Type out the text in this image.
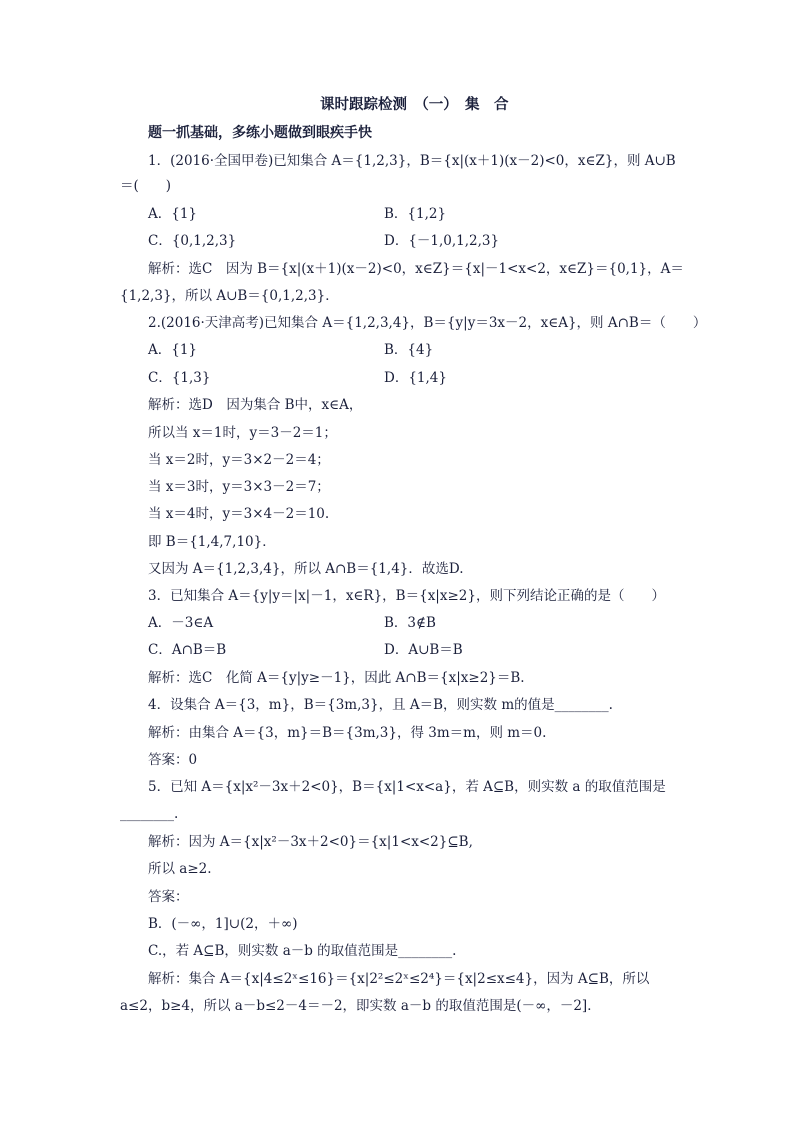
课时跟踪检测　（一）　集　合
题一抓基础，多练小题做到眼疾手快
1．(2016·全国甲卷)已知集合 A＝{1,2,3}，B＝{x|(x＋1)(x－2)<0，x∈Z}，则 A∪B
＝(　　)
A．{1}	B．{1,2}
C．{0,1,2,3}	D．{－1,0,1,2,3}
解析：选C　因为 B＝{x|(x＋1)(x－2)<0，x∈Z}＝{x|－1<x<2，x∈Z}＝{0,1}，A＝
{1,2,3}，所以 A∪B＝{0,1,2,3}．
2.(2016·天津高考)已知集合 A＝{1,2,3,4}，B＝{y|y＝3x－2，x∈A}，则 A∩B＝（　　）
A．{1}	B．{4}
C．{1,3}	D．{1,4}
解析：选D　因为集合 B中，x∈A，
所以当 x＝1时，y＝3－2＝1；
当 x＝2时，y＝3×2－2＝4；
当 x＝3时，y＝3×3－2＝7；
当 x＝4时，y＝3×4－2＝10.
即 B＝{1,4,7,10}．
又因为 A＝{1,2,3,4}，所以 A∩B＝{1,4}．故选D.
3．已知集合 A＝{y|y＝|x|－1，x∈R}，B＝{x|x≥2}，则下列结论正确的是（　　）
A．－3∈A	B．3∉B
C．A∩B＝B	D．A∪B＝B
解析：选C　化简 A＝{y|y≥－1}，因此 A∩B＝{x|x≥2}＝B.
4．设集合 A＝{3，m}，B＝{3m,3}，且 A＝B，则实数 m的值是________.
解析：由集合 A＝{3，m}＝B＝{3m,3}，得 3m＝m，则 m＝0.
答案：0
5．已知 A＝{x|x²－3x＋2<0}，B＝{x|1<x<a}，若 A⊆B，则实数 a 的取值范围是
________.
解析：因为 A＝{x|x²－3x＋2<0}＝{x|1<x<2}⊆B,
所以 a≥2.
答案：
B．(－∞，1]∪(2，＋∞)
C.，若 A⊆B，则实数 a－b 的取值范围是________.
解析：集合 A＝{x|4≤2ˣ≤16}＝{x|2²≤2ˣ≤2⁴}＝{x|2≤x≤4}，因为 A⊆B，所以
a≤2，b≥4，所以 a－b≤2－4＝－2，即实数 a－b 的取值范围是(－∞，－2]．
